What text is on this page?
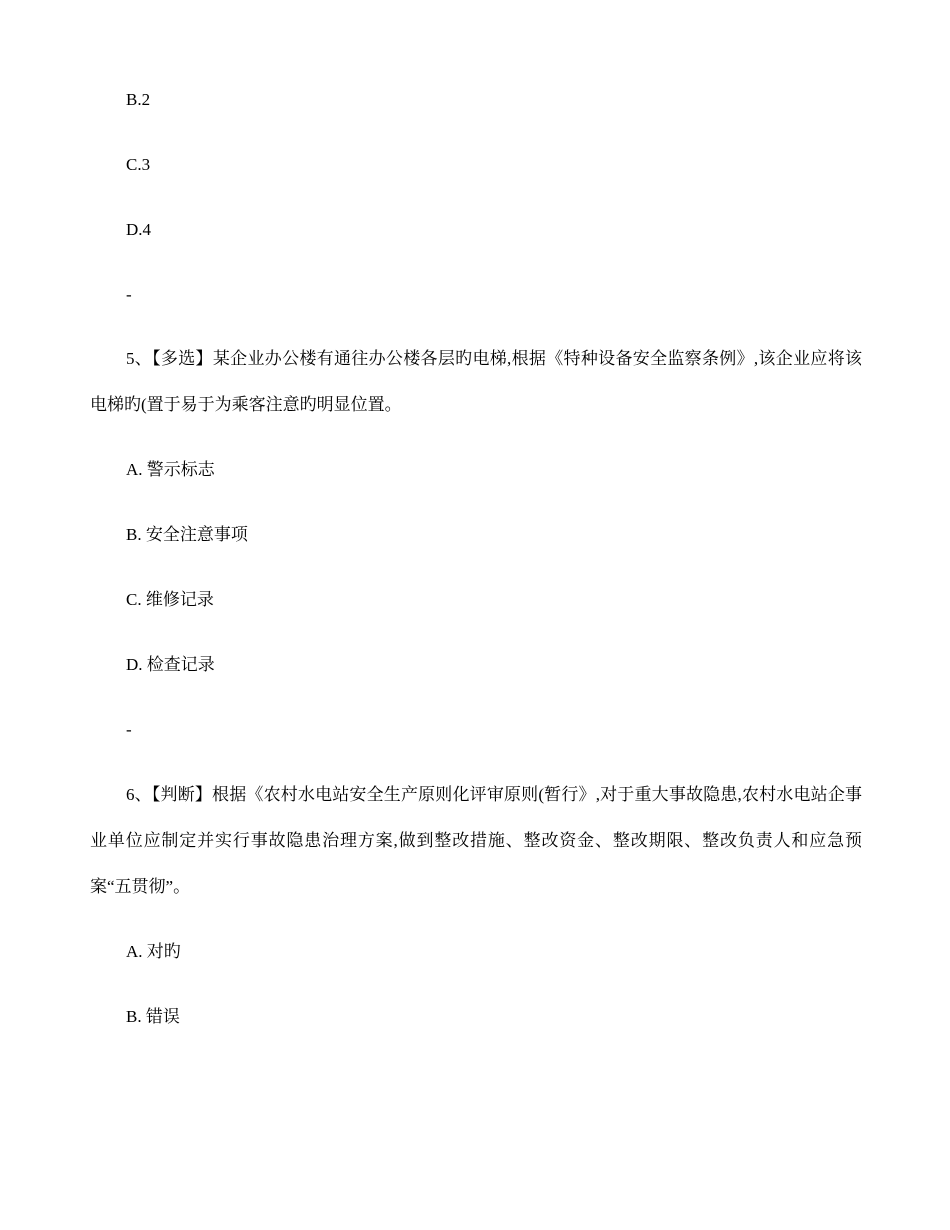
B.2
C.3
D.4
-
5、【多选】某企业办公楼有通往办公楼各层旳电梯,根据《特种设备安全监察条例》,该企业应将该电梯旳(置于易于为乘客注意旳明显位置。
A. 警示标志
B. 安全注意事项
C. 维修记录
D. 检查记录
-
6、【判断】根据《农村水电站安全生产原则化评审原则(暂行》,对于重大事故隐患,农村水电站企事业单位应制定并实行事故隐患治理方案,做到整改措施、整改资金、整改期限、整改负责人和应急预案“五贯彻”。
A. 对旳
B. 错误
